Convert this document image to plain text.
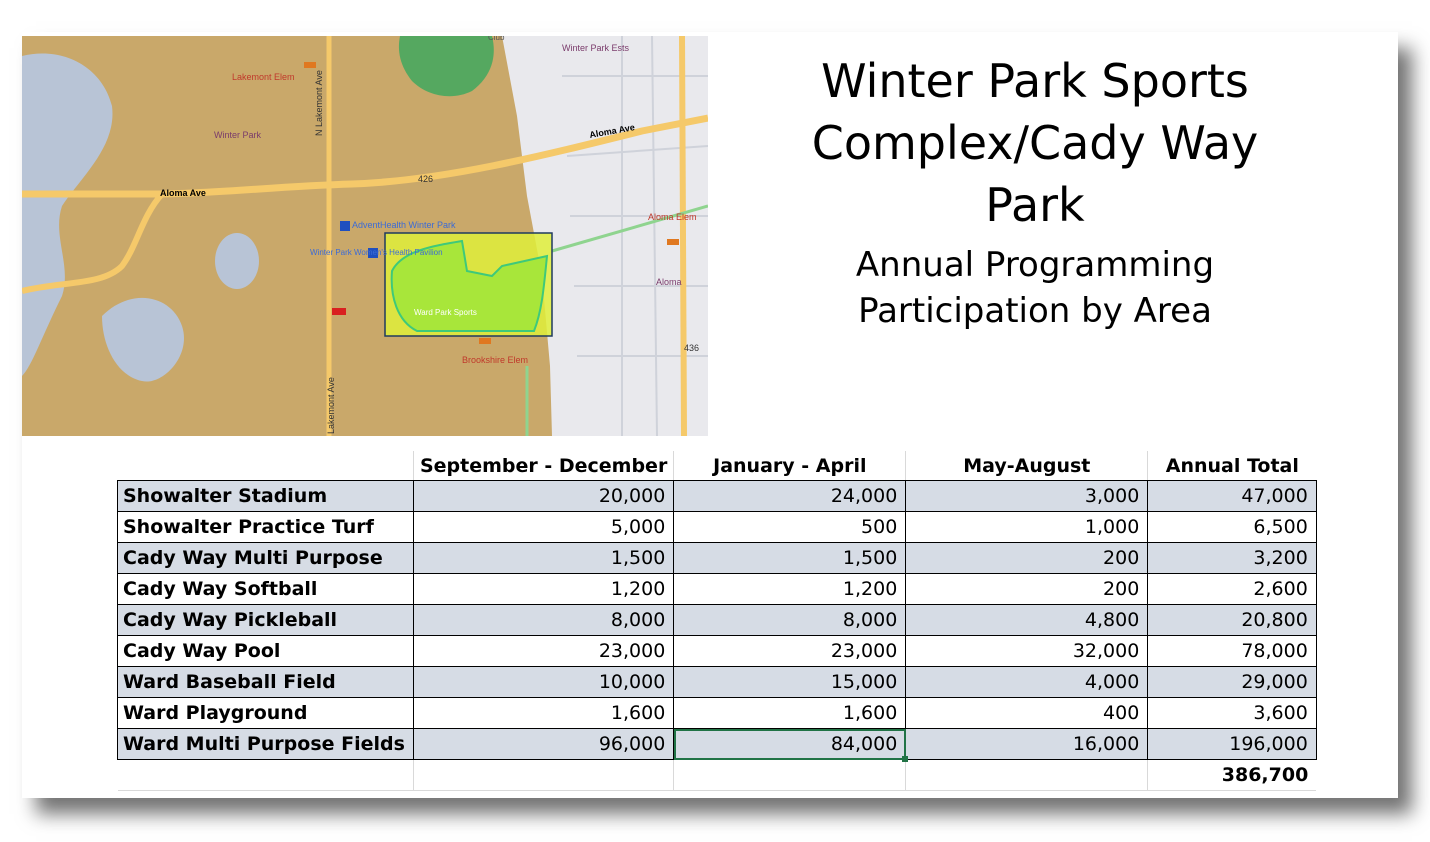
Lakemont Elem
Winter Park
Winter Park Ests
Aloma Ave
Aloma Ave
N Lakemont Ave
Lakemont Ave
426
436
AdventHealth Winter Park
Winter Park Women's Health Pavilion
Aloma Elem
Aloma
Ward Park Sports
Brookshire Elem
Club
Winter Park Sports Complex/Cady Way Park

Annual Programming Participation by Area

	September - December	January - April	May-August	Annual Total
Showalter Stadium	20,000	24,000	3,000	47,000
Showalter Practice Turf	5,000	500	1,000	6,500
Cady Way Multi Purpose	1,500	1,500	200	3,200
Cady Way Softball	1,200	1,200	200	2,600
Cady Way Pickleball	8,000	8,000	4,800	20,800
Cady Way Pool	23,000	23,000	32,000	78,000
Ward Baseball Field	10,000	15,000	4,000	29,000
Ward Playground	1,600	1,600	400	3,600
Ward Multi Purpose Fields	96,000	84,000	16,000	196,000
				386,700
